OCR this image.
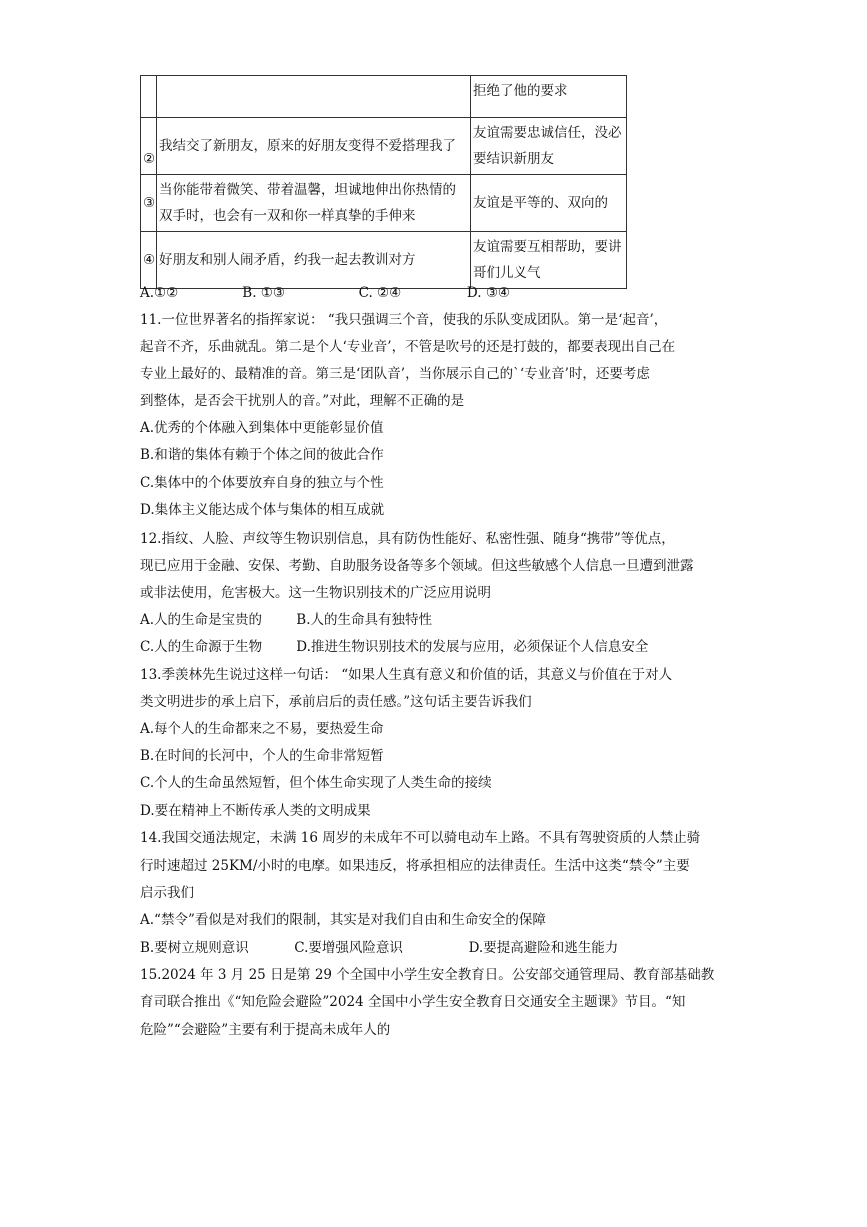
		拒绝了他的要求
②	我结交了新朋友，原来的好朋友变得不爱搭理我了	友谊需要忠诚信任，没必要结识新朋友
③	当你能带着微笑、带着温馨，坦诚地伸出你热情的双手时，也会有一双和你一样真挚的手伸来	友谊是平等的、双向的
④	好朋友和别人闹矛盾，约我一起去教训对方	友谊需要互相帮助，要讲哥们儿义气
A.①②	B. ①③	C. ②④	D. ③④
11.一位世界著名的指挥家说： “我只强调三个音，使我的乐队变成团队。第一是‘起音’，
起音不齐，乐曲就乱。第二是个人‘专业音’，不管是吹号的还是打鼓的，都要表现出自己在
专业上最好的、最精准的音。第三是‘团队音’，当你展示自己的`‘专业音’时，还要考虑
到整体，是否会干扰别人的音。”对此，理解不正确的是
A.优秀的个体融入到集体中更能彰显价值
B.和谐的集体有赖于个体之间的彼此合作
C.集体中的个体要放弃自身的独立与个性
D.集体主义能达成个体与集体的相互成就
12.指纹、人脸、声纹等生物识别信息，具有防伪性能好、私密性强、随身“携带”等优点，
现已应用于金融、安保、考勤、自助服务设备等多个领域。但这些敏感个人信息一旦遭到泄露
或非法使用，危害极大。这一生物识别技术的广泛应用说明
A.人的生命是宝贵的	B.人的生命具有独特性
C.人的生命源于生物	D.推进生物识别技术的发展与应用，必须保证个人信息安全
13.季羡林先生说过这样一句话： “如果人生真有意义和价值的话，其意义与价值在于对人
类文明进步的承上启下，承前启后的责任感。”这句话主要告诉我们
A.每个人的生命都来之不易，要热爱生命
B.在时间的长河中，个人的生命非常短暂
C.个人的生命虽然短暂，但个体生命实现了人类生命的接续
D.要在精神上不断传承人类的文明成果
14.我国交通法规定，未满 16 周岁的未成年不可以骑电动车上路。不具有驾驶资质的人禁止骑
行时速超过 25KM/小时的电摩。如果违反，将承担相应的法律责任。生活中这类“禁令”主要
启示我们
A.“禁令”看似是对我们的限制，其实是对我们自由和生命安全的保障
B.要树立规则意识	C.要增强风险意识	D.要提高避险和逃生能力
15.2024 年 3 月 25 日是第 29 个全国中小学生安全教育日。公安部交通管理局、教育部基础教
育司联合推出《“知危险会避险”2024 全国中小学生安全教育日交通安全主题课》节目。“知
危险”“会避险”主要有利于提高未成年人的
